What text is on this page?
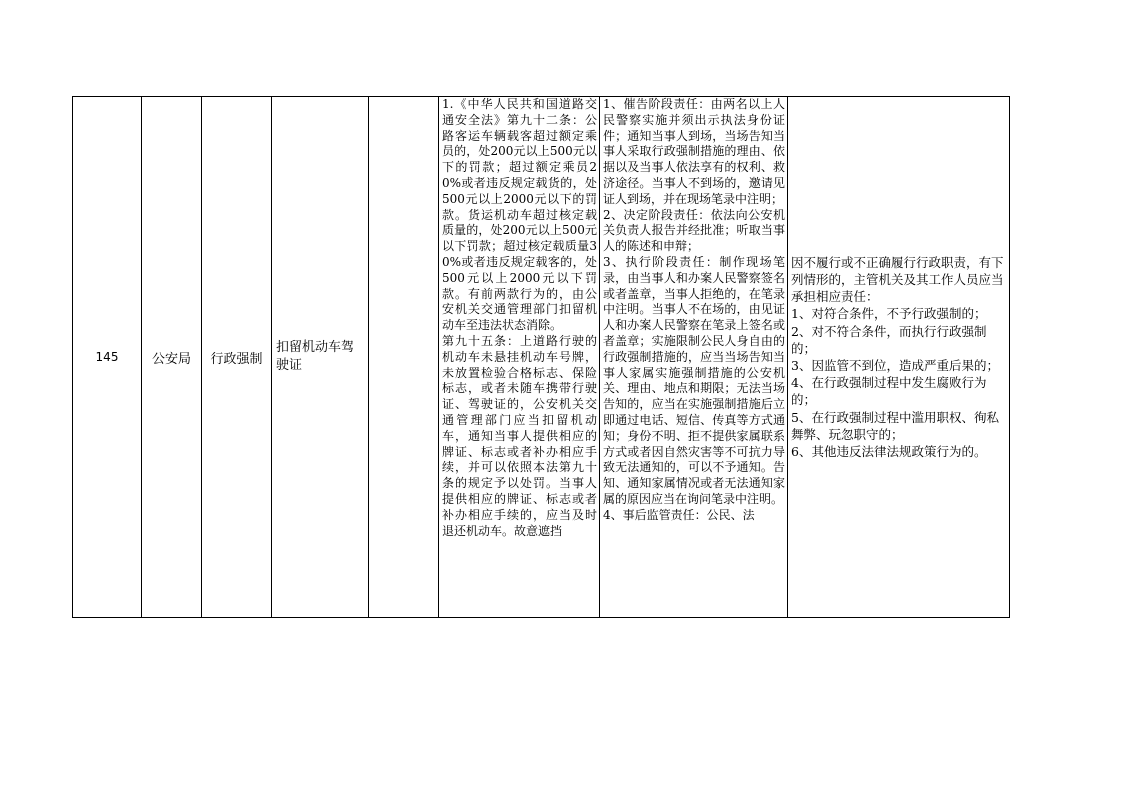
145	公安局 行政强制
扣留机动车驾驶证
1.《中华人民共和国道路交通安全法》第九十二条：公路客运车辆载客超过额定乘员的，处200元以上500元以下的罚款；超过额定乘员20%或者违反规定载货的，处500元以上2000元以下的罚款。货运机动车超过核定载质量的，处200元以上500元以下罚款；超过核定载质量30%或者违反规定载客的，处500元以上2000元以下罚款。有前两款行为的，由公安机关交通管理部门扣留机动车至违法状态消除。
第九十五条：上道路行驶的机动车未悬挂机动车号牌，未放置检验合格标志、保险标志，或者未随车携带行驶证、驾驶证的，公安机关交通管理部门应当扣留机动车，通知当事人提供相应的牌证、标志或者补办相应手续，并可以依照本法第九十条的规定予以处罚。当事人提供相应的牌证、标志或者补办相应手续的，应当及时退还机动车。故意遮挡
1、催告阶段责任：由两名以上人民警察实施并须出示执法身份证件；通知当事人到场，当场告知当事人采取行政强制措施的理由、依据以及当事人依法享有的权利、救济途径。当事人不到场的，邀请见证人到场，并在现场笔录中注明；
2、决定阶段责任：依法向公安机关负责人报告并经批准；听取当事人的陈述和申辩；
3、执行阶段责任：制作现场笔录，由当事人和办案人民警察签名或者盖章，当事人拒绝的，在笔录中注明。当事人不在场的，由见证人和办案人民警察在笔录上签名或者盖章；实施限制公民人身自由的行政强制措施的，应当当场告知当事人家属实施强制措施的公安机关、理由、地点和期限；无法当场告知的，应当在实施强制措施后立即通过电话、短信、传真等方式通知；身份不明、拒不提供家属联系方式或者因自然灾害等不可抗力导致无法通知的，可以不予通知。告知、通知家属情况或者无法通知家属的原因应当在询问笔录中注明。
4、事后监管责任：公民、法
因不履行或不正确履行行政职责，有下列情形的，主管机关及其工作人员应当承担相应责任：
1、对符合条件，不予行政强制的；
2、对不符合条件，而执行行政强制的；
3、因监管不到位，造成严重后果的；
4、在行政强制过程中发生腐败行为的；
5、在行政强制过程中滥用职权、徇私舞弊、玩忽职守的；
6、其他违反法律法规政策行为的。
